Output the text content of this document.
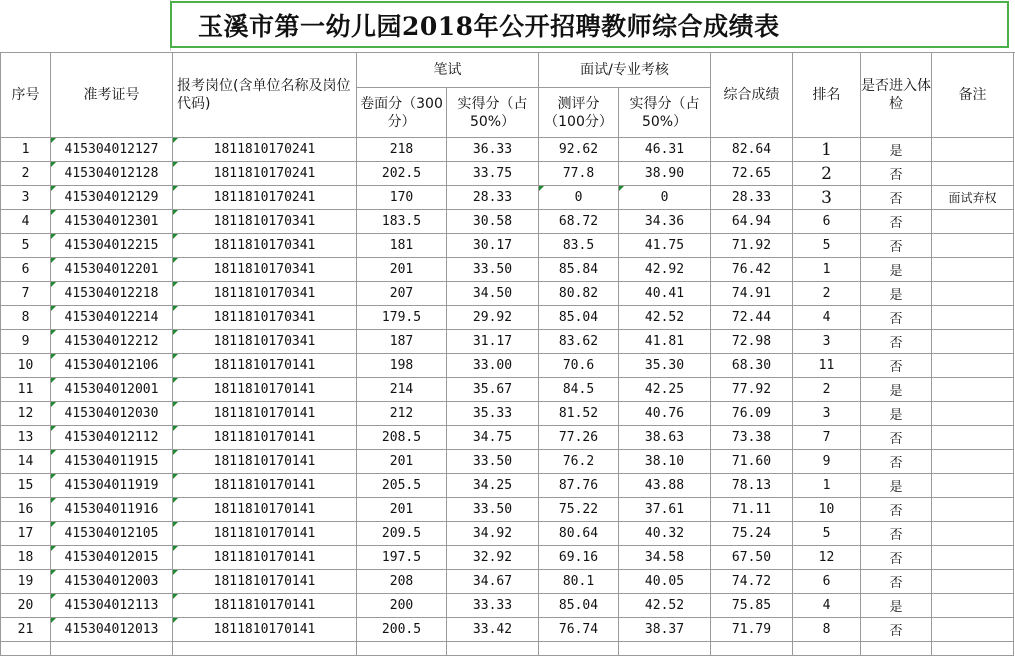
玉溪市第一幼儿园2018年公开招聘教师综合成绩表
序号	准考证号	报考岗位(含单位名称及岗位代码)	笔试		面试/专业考核		综合成绩	排名	是否进入体检	备注
			卷面分（300分）	实得分（占50%）	测评分（100分）	实得分（占50%）				
1	415304012127	1811810170241	218	36.33	92.62	46.31	82.64	1	是	
2	415304012128	1811810170241	202.5	33.75	77.8	38.90	72.65	2	否	
3	415304012129	1811810170241	170	28.33	0	0	28.33	3	否	面试弃权
4	415304012301	1811810170341	183.5	30.58	68.72	34.36	64.94	6	否	
5	415304012215	1811810170341	181	30.17	83.5	41.75	71.92	5	否	
6	415304012201	1811810170341	201	33.50	85.84	42.92	76.42	1	是	
7	415304012218	1811810170341	207	34.50	80.82	40.41	74.91	2	是	
8	415304012214	1811810170341	179.5	29.92	85.04	42.52	72.44	4	否	
9	415304012212	1811810170341	187	31.17	83.62	41.81	72.98	3	否	
10	415304012106	1811810170141	198	33.00	70.6	35.30	68.30	11	否	
11	415304012001	1811810170141	214	35.67	84.5	42.25	77.92	2	是	
12	415304012030	1811810170141	212	35.33	81.52	40.76	76.09	3	是	
13	415304012112	1811810170141	208.5	34.75	77.26	38.63	73.38	7	否	
14	415304011915	1811810170141	201	33.50	76.2	38.10	71.60	9	否	
15	415304011919	1811810170141	205.5	34.25	87.76	43.88	78.13	1	是	
16	415304011916	1811810170141	201	33.50	75.22	37.61	71.11	10	否	
17	415304012105	1811810170141	209.5	34.92	80.64	40.32	75.24	5	否	
18	415304012015	1811810170141	197.5	32.92	69.16	34.58	67.50	12	否	
19	415304012003	1811810170141	208	34.67	80.1	40.05	74.72	6	否	
20	415304012113	1811810170141	200	33.33	85.04	42.52	75.85	4	是	
21	415304012013	1811810170141	200.5	33.42	76.74	38.37	71.79	8	否	
